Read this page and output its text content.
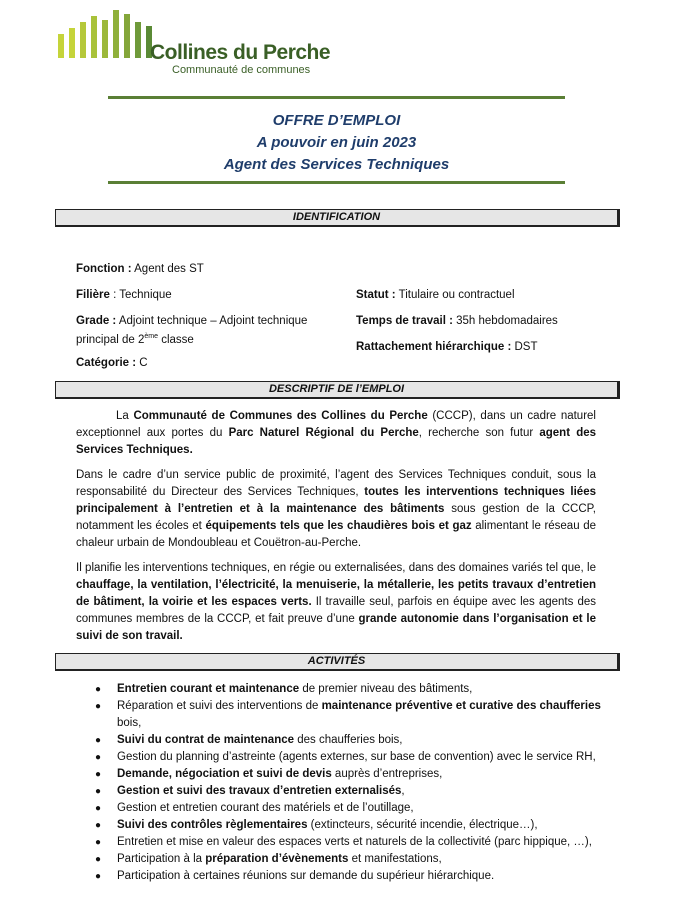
Collines du Perche
Communauté de communes
OFFRE D’EMPLOI
A pouvoir en juin 2023
Agent des Services Techniques
IDENTIFICATION
Fonction : Agent des ST
Filière : Technique
Grade : Adjoint technique – Adjoint technique principal de 2ème classe
Catégorie : C
Statut : Titulaire ou contractuel
Temps de travail : 35h hebdomadaires
Rattachement hiérarchique : DST
DESCRIPTIF DE l’EMPLOI

La Communauté de Communes des Collines du Perche (CCCP), dans un cadre naturel exceptionnel aux portes du Parc Naturel Régional du Perche, recherche son futur agent des Services Techniques.

Dans le cadre d’un service public de proximité, l’agent des Services Techniques conduit, sous la responsabilité du Directeur des Services Techniques, toutes les interventions techniques liées principalement à l’entretien et à la maintenance des bâtiments sous gestion de la CCCP, notamment les écoles et équipements tels que les chaudières bois et gaz alimentant le réseau de chaleur urbain de Mondoubleau et Couëtron-au-Perche.

Il planifie les interventions techniques, en régie ou externalisées, dans des domaines variés tel que, le chauffage, la ventilation, l’électricité, la menuiserie, la métallerie, les petits travaux d’entretien de bâtiment, la voirie et les espaces verts. Il travaille seul, parfois en équipe avec les agents des communes membres de la CCCP, et fait preuve d’une grande autonomie dans l’organisation et le suivi de son travail.

ACTIVITÉS
● Entretien courant et maintenance de premier niveau des bâtiments,
● Réparation et suivi des interventions de maintenance préventive et curative des chaufferies bois,
● Suivi du contrat de maintenance des chaufferies bois,
● Gestion du planning d’astreinte (agents externes, sur base de convention) avec le service RH,
● Demande, négociation et suivi de devis auprès d’entreprises,
● Gestion et suivi des travaux d’entretien externalisés,
● Gestion et entretien courant des matériels et de l’outillage,
● Suivi des contrôles règlementaires (extincteurs, sécurité incendie, électrique…),
● Entretien et mise en valeur des espaces verts et naturels de la collectivité (parc hippique, …),
● Participation à la préparation d’évènements et manifestations,
● Participation à certaines réunions sur demande du supérieur hiérarchique.
